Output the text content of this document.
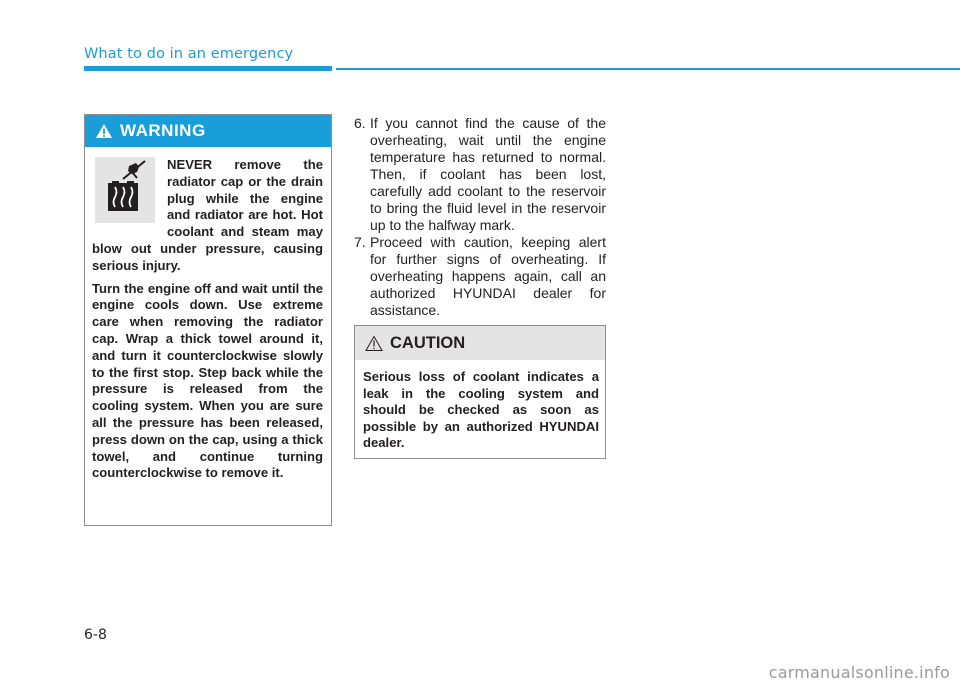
What to do in an emergency
WARNING

NEVER remove the radiator cap or the drain plug while the engine and radiator are hot. Hot coolant and steam may blow out under pressure, causing serious injury.

Turn the engine off and wait until the engine cools down. Use extreme care when removing the radiator cap. Wrap a thick towel around it, and turn it counterclockwise slowly to the first stop. Step back while the pressure is released from the cooling system. When you are sure all the pressure has been released, press down on the cap, using a thick towel, and continue turning counterclockwise to remove it.

6. If you cannot find the cause of the overheating, wait until the engine temperature has returned to normal. Then, if coolant has been lost, carefully add coolant to the reservoir to bring the fluid level in the reservoir up to the halfway mark.
7. Proceed with caution, keeping alert for further signs of overheating. If overheating happens again, call an authorized HYUNDAI dealer for assistance.
CAUTION
Serious loss of coolant indicates a leak in the cooling system and should be checked as soon as possible by an authorized HYUNDAI dealer.
6-8
carmanualsonline.info
